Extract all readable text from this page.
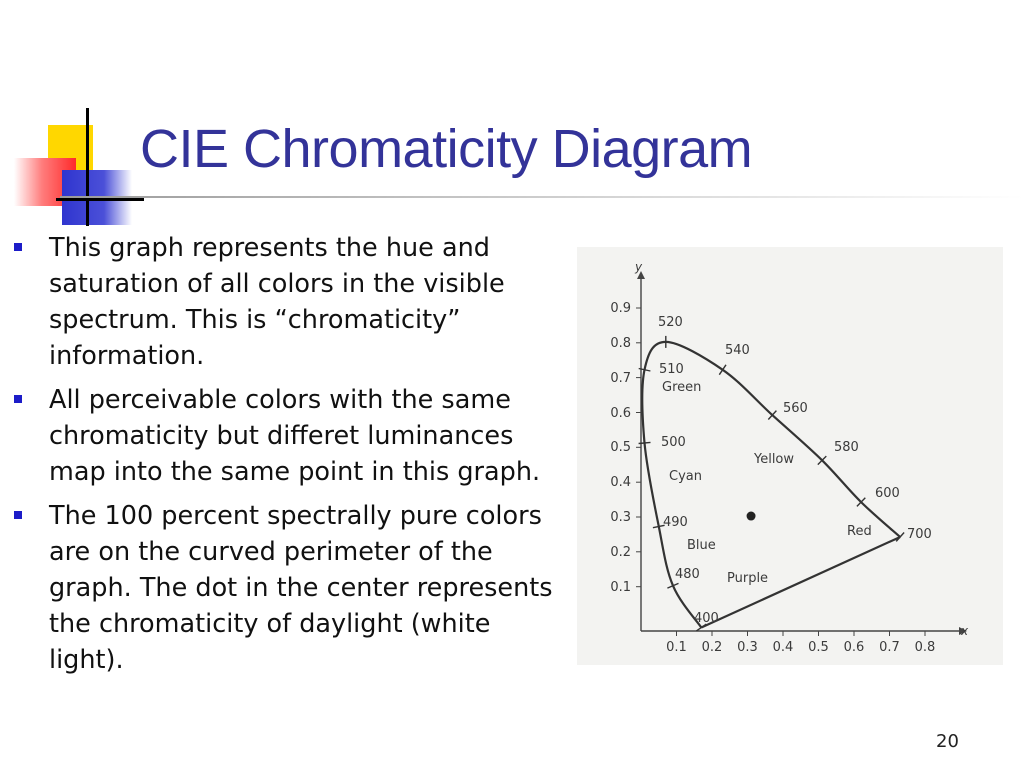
CIE Chromaticity Diagram
This graph represents the hue and saturation of all colors in the visible spectrum. This is “chromaticity” information.
All perceivable colors with the same chromaticity but differet luminances map into the same point in this graph.
The 100 percent spectrally pure colors are on the curved perimeter of the graph. The dot in the center represents the chromaticity of daylight (white light).
x
y
0.1 0.2 0.3 0.4 0.5 0.6 0.7 0.8
0.1
0.2
0.3
0.4
0.5
0.6
0.7
0.8
0.9
400
480
490
500
510
520
540
560
580
600
700
Green
Cyan
Blue
Purple
Yellow
Red
20
